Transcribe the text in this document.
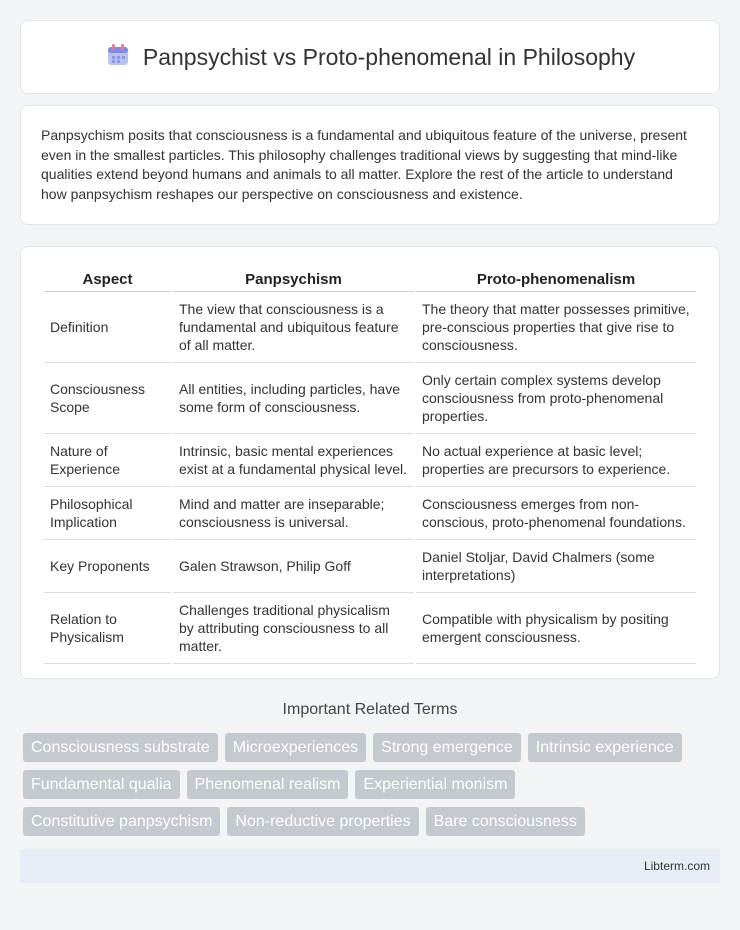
Panpsychist vs Proto-phenomenal in Philosophy

Panpsychism posits that consciousness is a fundamental and ubiquitous feature of the universe, present even in the smallest particles. This philosophy challenges traditional views by suggesting that mind-like qualities extend beyond humans and animals to all matter. Explore the rest of the article to understand how panpsychism reshapes our perspective on consciousness and existence.

Aspect	Panpsychism	Proto-phenomenalism
Definition	The view that consciousness is a fundamental and ubiquitous feature of all matter.	The theory that matter possesses primitive, pre-conscious properties that give rise to consciousness.
Consciousness Scope	All entities, including particles, have some form of consciousness.	Only certain complex systems develop consciousness from proto-phenomenal properties.
Nature of Experience	Intrinsic, basic mental experiences exist at a fundamental physical level.	No actual experience at basic level; properties are precursors to experience.
Philosophical Implication	Mind and matter are inseparable; consciousness is universal.	Consciousness emerges from non-conscious, proto-phenomenal foundations.
Key Proponents	Galen Strawson, Philip Goff	Daniel Stoljar, David Chalmers (some interpretations)
Relation to Physicalism	Challenges traditional physicalism by attributing consciousness to all matter.	Compatible with physicalism by positing emergent consciousness.
Important Related Terms
Consciousness substrate	Microexperiences	Strong emergence	Intrinsic experience
Fundamental qualia	Phenomenal realism	Experiential monism
Constitutive panpsychism	Non-reductive properties	Bare consciousness
Libterm.com
